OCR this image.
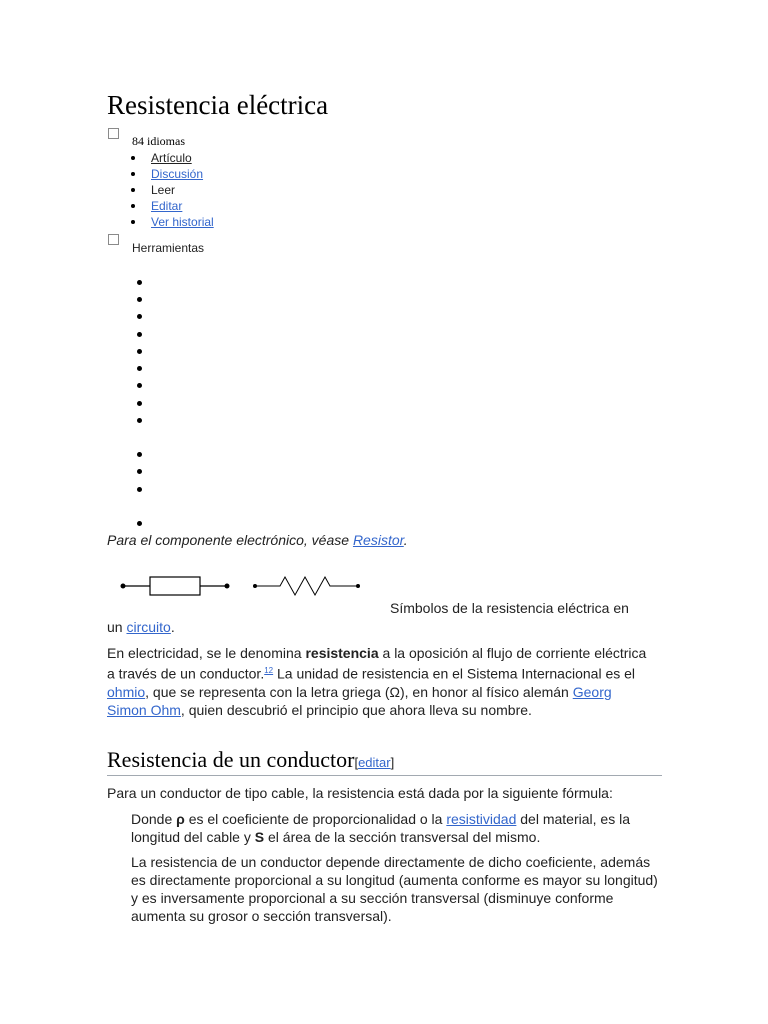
Resistencia eléctrica
84 idiomas
Artículo
Discusión
Leer
Editar
Ver historial
Herramientas
Para el componente electrónico, véase Resistor.
Símbolos de la resistencia eléctrica en
un circuito.

En electricidad, se le denomina resistencia a la oposición al flujo de corriente eléctrica a través de un conductor.$^{12}$ La unidad de resistencia en el Sistema Internacional es el ohmio, que se representa con la letra griega (Ω), en honor al físico alemán Georg Simon Ohm, quien descubrió el principio que ahora lleva su nombre.

Resistencia de un conductor[editar]

Para un conductor de tipo cable, la resistencia está dada por la siguiente fórmula:

Donde ρ es el coeficiente de proporcionalidad o la resistividad del material, es la longitud del cable y S el área de la sección transversal del mismo.

La resistencia de un conductor depende directamente de dicho coeficiente, además es directamente proporcional a su longitud (aumenta conforme es mayor su longitud) y es inversamente proporcional a su sección transversal (disminuye conforme aumenta su grosor o sección transversal).
